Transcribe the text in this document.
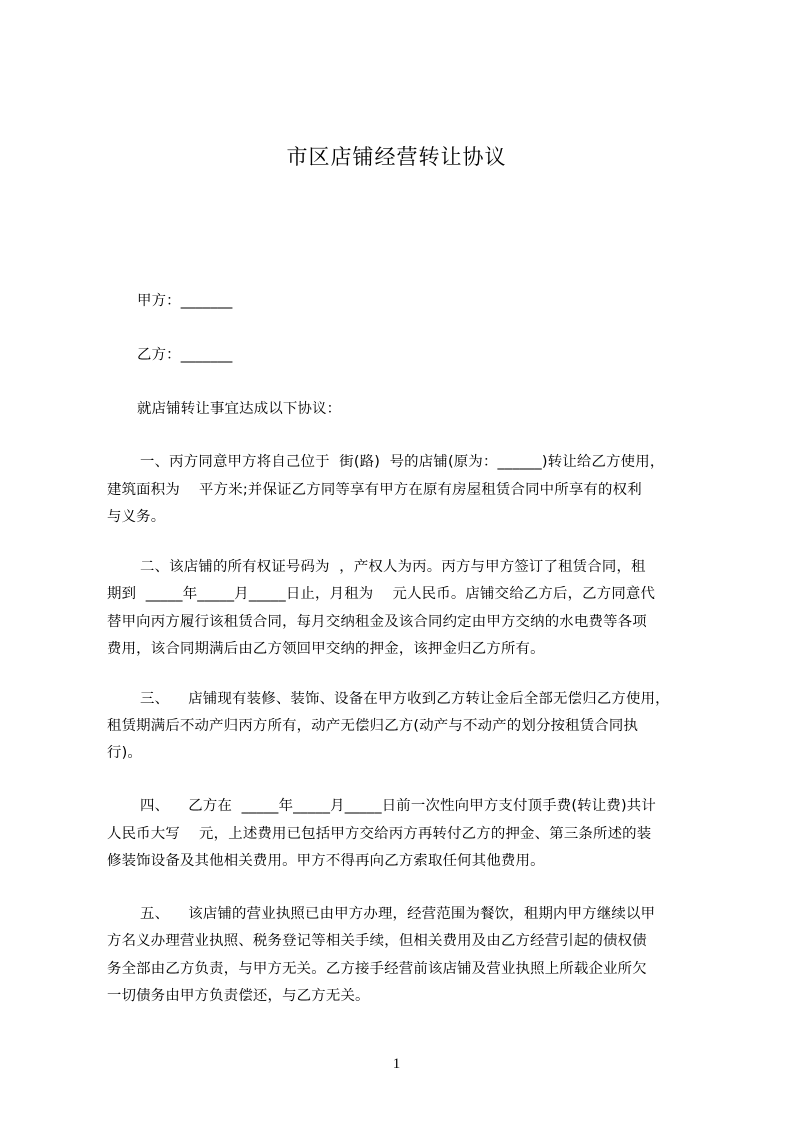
市区店铺经营转让协议
甲方：_______
乙方：_______
就店铺转让事宜达成以下协议：
一、丙方同意甲方将自己位于  街(路)  号的店铺(原为：______)转让给乙方使用，
建筑面积为    平方米;并保证乙方同等享有甲方在原有房屋租赁合同中所享有的权利
与义务。
二、该店铺的所有权证号码为  ，产权人为丙。丙方与甲方签订了租赁合同，租
期到  _____年_____月_____日止，月租为    元人民币。店铺交给乙方后，乙方同意代
替甲向丙方履行该租赁合同，每月交纳租金及该合同约定由甲方交纳的水电费等各项
费用，该合同期满后由乙方领回甲交纳的押金，该押金归乙方所有。
三、    店铺现有装修、装饰、设备在甲方收到乙方转让金后全部无偿归乙方使用，
租赁期满后不动产归丙方所有，动产无偿归乙方(动产与不动产的划分按租赁合同执
行)。
四、    乙方在  _____年_____月_____日前一次性向甲方支付顶手费(转让费)共计
人民币大写    元，上述费用已包括甲方交给丙方再转付乙方的押金、第三条所述的装
修装饰设备及其他相关费用。甲方不得再向乙方索取任何其他费用。
五、    该店铺的营业执照已由甲方办理，经营范围为餐饮，租期内甲方继续以甲
方名义办理营业执照、税务登记等相关手续，但相关费用及由乙方经营引起的债权债
务全部由乙方负责，与甲方无关。乙方接手经营前该店铺及营业执照上所载企业所欠
一切债务由甲方负责偿还，与乙方无关。
1
